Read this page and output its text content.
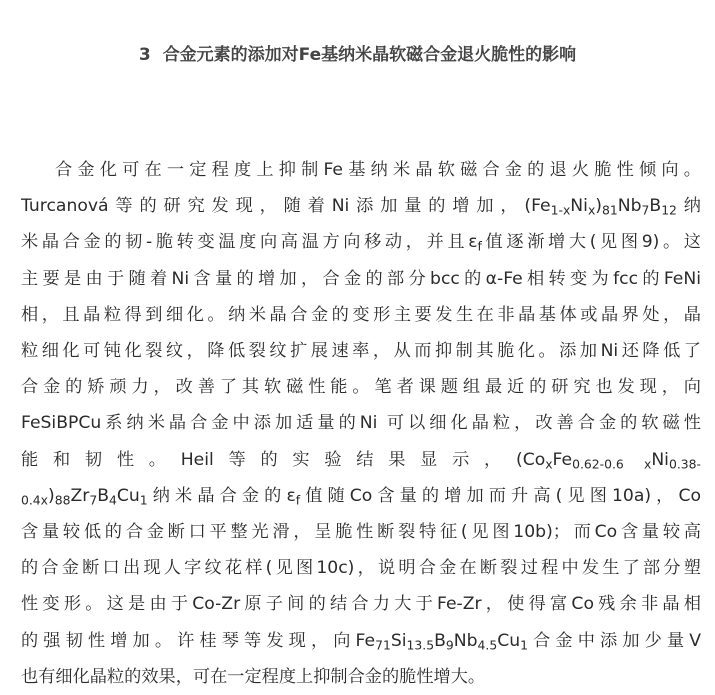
3 合金元素的添加对Fe基纳米晶软磁合金退火脆性的影响
合金化可在一定程度上抑制Fe基纳米晶软磁合金的退火脆性倾向。
Turcanová等的研究发现，随着Ni添加量的增加，$(Fe_{1-x}Ni_x)_{81}Nb_7B_{12}$纳
米晶合金的韧-脆转变温度向高温方向移动，并且$\varepsilon_f$值逐渐增大(见图9)。这
主要是由于随着Ni含量的增加，合金的部分bcc的α-Fe相转变为fcc的FeNi
相，且晶粒得到细化。纳米晶合金的变形主要发生在非晶基体或晶界处，晶
粒细化可钝化裂纹，降低裂纹扩展速率，从而抑制其脆化。添加Ni还降低了
合金的矫顽力，改善了其软磁性能。笔者课题组最近的研究也发现，向
FeSiBPCu系纳米晶合金中添加适量的Ni 可以细化晶粒，改善合金的软磁性
能和韧性。Heil等的实验结果显示，($Co_xFe_{0.62-0.6}$ $_xNi_{0.38-}$
$_{0.4x})_{88}Zr_7B_4Cu_1$纳米晶合金的$\varepsilon_f$值随Co含量的增加而升高(见图10a)，Co
含量较低的合金断口平整光滑，呈脆性断裂特征(见图10b)；而Co含量较高
的合金断口出现人字纹花样(见图10c)，说明合金在断裂过程中发生了部分塑
性变形。这是由于Co-Zr原子间的结合力大于Fe-Zr，使得富Co残余非晶相
的强韧性增加。许桂琴等发现，向$Fe_{71}Si_{13.5}B_9Nb_{4.5}Cu_1$合金中添加少量V
也有细化晶粒的效果，可在一定程度上抑制合金的脆性增大。
